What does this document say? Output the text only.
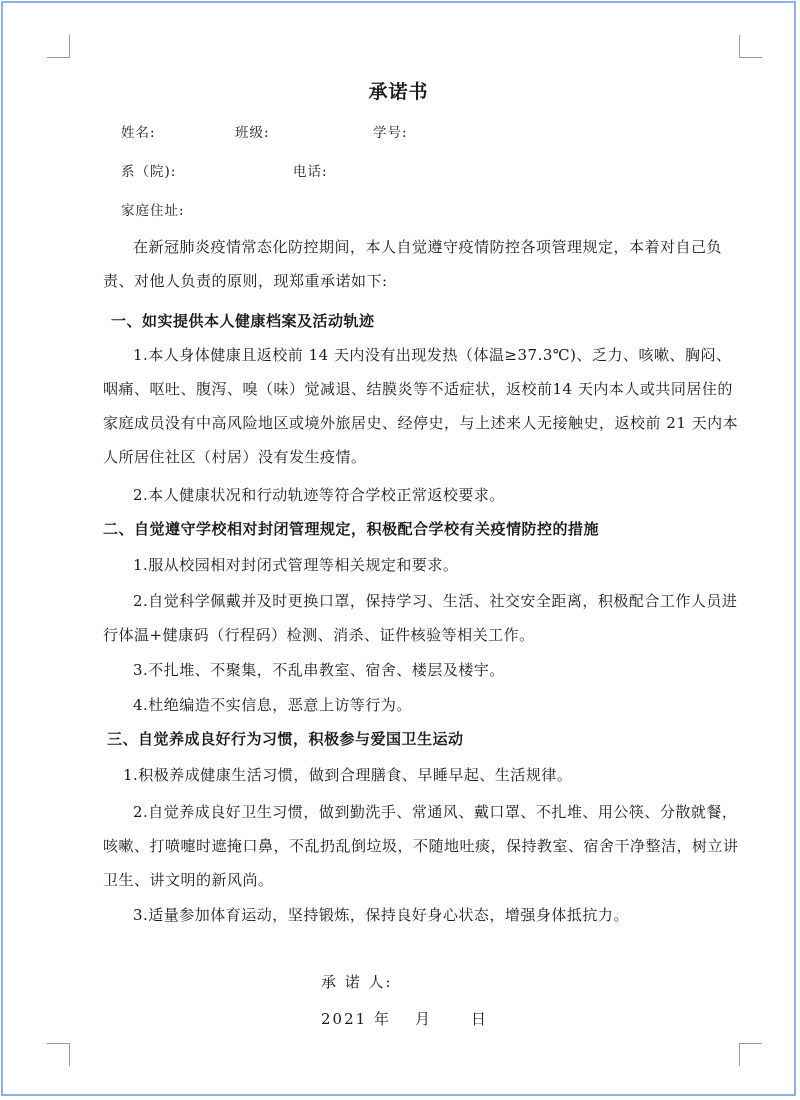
承诺书
姓名:	班级:	学号:
系（院):	电话:
家庭住址:
在新冠肺炎疫情常态化防控期间，本人自觉遵守疫情防控各项管理规定，本着对自己负责、对他人负责的原则，现郑重承诺如下:
一、如实提供本人健康档案及活动轨迹
1.本人身体健康且返校前 14 天内没有出现发热（体温≥37.3℃)、乏力、咳嗽、胸闷、咽痛、呕吐、腹泻、嗅（味）觉减退、结膜炎等不适症状，返校前14 天内本人或共同居住的家庭成员没有中高风险地区或境外旅居史、经停史，与上述来人无接触史，返校前 21 天内本人所居住社区（村居）没有发生疫情。
2.本人健康状况和行动轨迹等符合学校正常返校要求。
二、自觉遵守学校相对封闭管理规定，积极配合学校有关疫情防控的措施
1.服从校园相对封闭式管理等相关规定和要求。
2.自觉科学佩戴并及时更换口罩，保持学习、生活、社交安全距离，积极配合工作人员进行体温+健康码（行程码）检测、消杀、证件核验等相关工作。
3.不扎堆、不聚集，不乱串教室、宿舍、楼层及楼宇。
4.杜绝编造不实信息，恶意上访等行为。
三、自觉养成良好行为习惯，积极参与爱国卫生运动
1.积极养成健康生活习惯，做到合理膳食、早睡早起、生活规律。
2.自觉养成良好卫生习惯，做到勤洗手、常通风、戴口罩、不扎堆、用公筷、分散就餐，咳嗽、打喷嚏时遮掩口鼻，不乱扔乱倒垃圾，不随地吐痰，保持教室、宿舍干净整洁，树立讲卫生、讲文明的新风尚。
3.适量参加体育运动，坚持锻炼，保持良好身心状态，增强身体抵抗力。
承 诺 人:
2021 年 月	日
